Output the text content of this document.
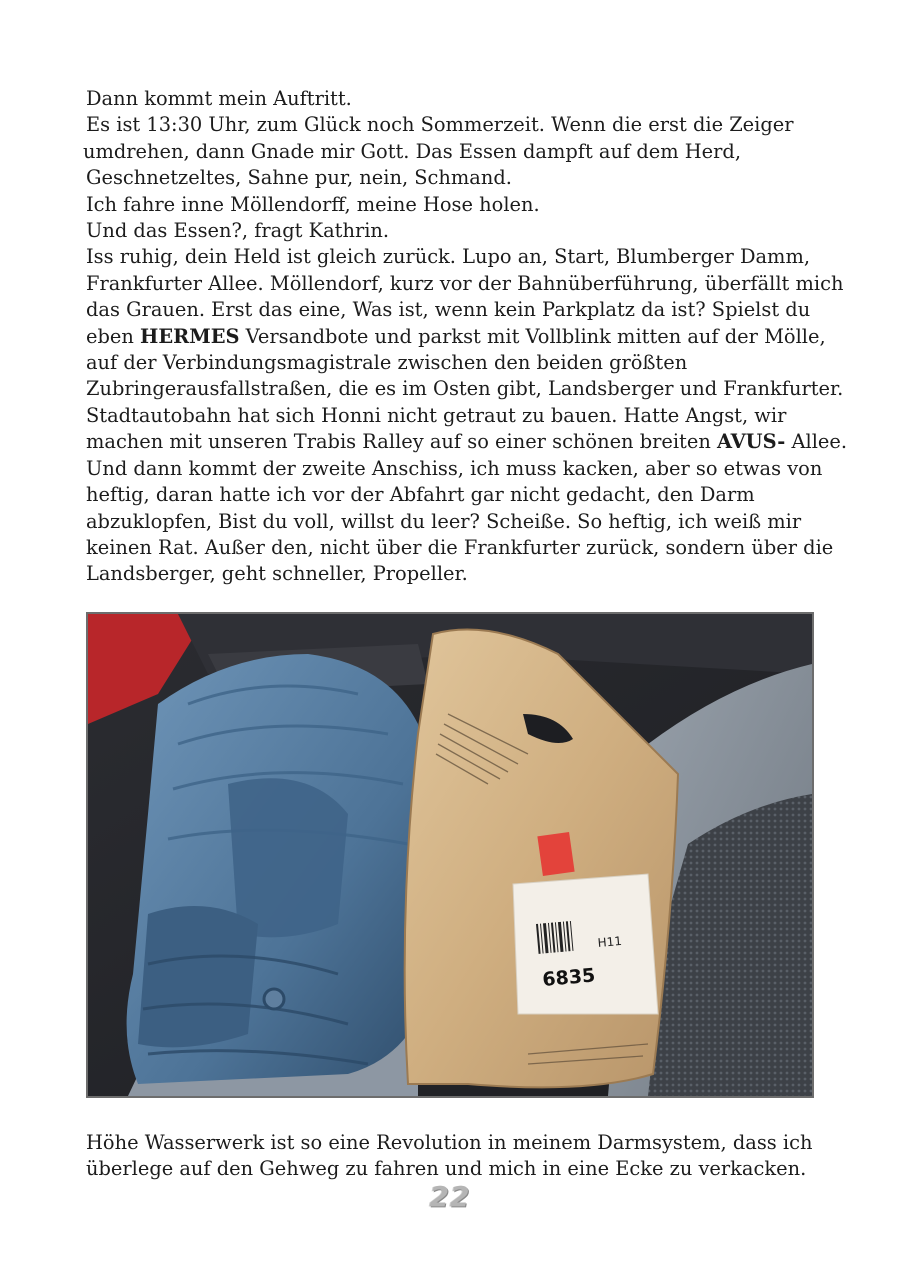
Dann kommt mein Auftritt.
Es ist 13:30 Uhr, zum Glück noch Sommerzeit. Wenn die erst die Zeiger
umdrehen, dann Gnade mir Gott. Das Essen dampft auf dem Herd,
Geschnetzeltes, Sahne pur, nein, Schmand.
Ich fahre inne Möllendorff, meine Hose holen.
Und das Essen?, fragt Kathrin.
Iss ruhig, dein Held ist gleich zurück. Lupo an, Start, Blumberger Damm,
Frankfurter Allee. Möllendorf, kurz vor der Bahnüberführung, überfällt mich
das Grauen. Erst das eine, Was ist, wenn kein Parkplatz da ist? Spielst du
eben HERMES Versandbote und parkst mit Vollblink mitten auf der Mölle,
auf der Verbindungsmagistrale zwischen den beiden größten
Zubringerausfallstraßen, die es im Osten gibt, Landsberger und Frankfurter.
Stadtautobahn hat sich Honni nicht getraut zu bauen. Hatte Angst, wir
machen mit unseren Trabis Ralley auf so einer schönen breiten AVUS- Allee.
Und dann kommt der zweite Anschiss, ich muss kacken, aber so etwas von
heftig, daran hatte ich vor der Abfahrt gar nicht gedacht, den Darm
abzuklopfen, Bist du voll, willst du leer? Scheiße. So heftig, ich weiß mir
keinen Rat. Außer den, nicht über die Frankfurter zurück, sondern über die
Landsberger, geht schneller, Propeller.
H11
6835
Höhe Wasserwerk ist so eine Revolution in meinem Darmsystem, dass ich
überlege auf den Gehweg zu fahren und mich in eine Ecke zu verkacken.
22
